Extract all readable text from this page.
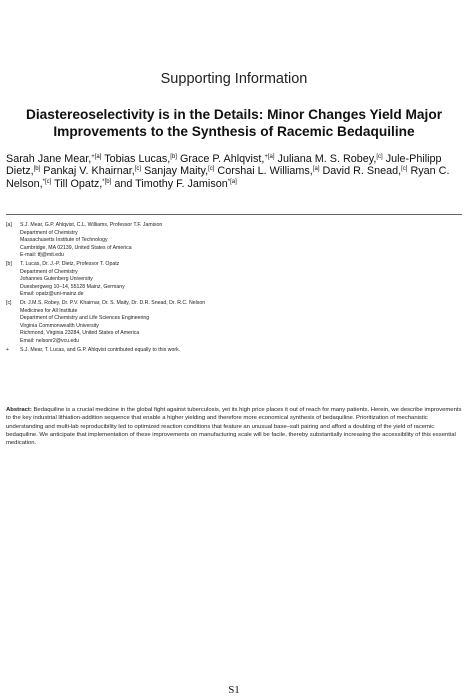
Supporting Information
Diastereoselectivity is in the Details: Minor Changes Yield Major Improvements to the Synthesis of Racemic Bedaquiline

Sarah Jane Mear,$^{+[a]}$ Tobias Lucas,[b] Grace P. Ahlqvist,$^{+[a]}$ Juliana M. S. Robey,[c] Jule-Philipp Dietz,[b] Pankaj V. Khairnar,[c] Sanjay Maity,[c] Corshai L. Williams,[a] David R. Snead,[c] Ryan C. Nelson,$^{*[c]}$ Till Opatz,$^{*[b]}$ and Timothy F. Jamison$^{*[a]}$

[a]	S.J. Mear, G.P. Ahlqvist, C.L. Williams, Professor T.F. Jamison
Department of Chemistry
Massachusetts Institute of Technology
Cambridge, MA 02139, United States of America
E-mail: tfj@mit.edu
[b]	T. Lucas, Dr. J.-P. Dietz, Professor T. Opatz
Department of Chemistry
Johannes Gutenberg University
Duesbergweg 10–14, 55128 Mainz, Germany
Email: opatz@uni-mainz.de
[c]	Dr. J.M.S. Robey, Dr. P.V. Khairnar, Dr. S. Maity, Dr. D.R. Snead, Dr. R.C. Nelson
Medicines for All Institute
Department of Chemistry and Life Sciences Engineering
Virginia Commonwealth University
Richmond, Virginia 23284, United States of America
Email: nelsonr2@vcu.edu
+	S.J. Mear, T. Lucas, and G.P. Ahlqvist contributed equally to this work.

Abstract: Bedaquiline is a crucial medicine in the global fight against tuberculosis, yet its high price places it out of reach for many patients. Herein, we describe improvements to the key industrial lithiation-addition sequence that enable a higher yielding and therefore more economical synthesis of bedaquiline. Prioritization of mechanistic understanding and multi-lab reproducibility led to optimized reaction conditions that feature an unusual base–salt pairing and afford a doubling of the yield of racemic bedaquiline. We anticipate that implementation of these improvements on manufacturing scale will be facile, thereby substantially increasing the accessibility of this essential medication.

S1
